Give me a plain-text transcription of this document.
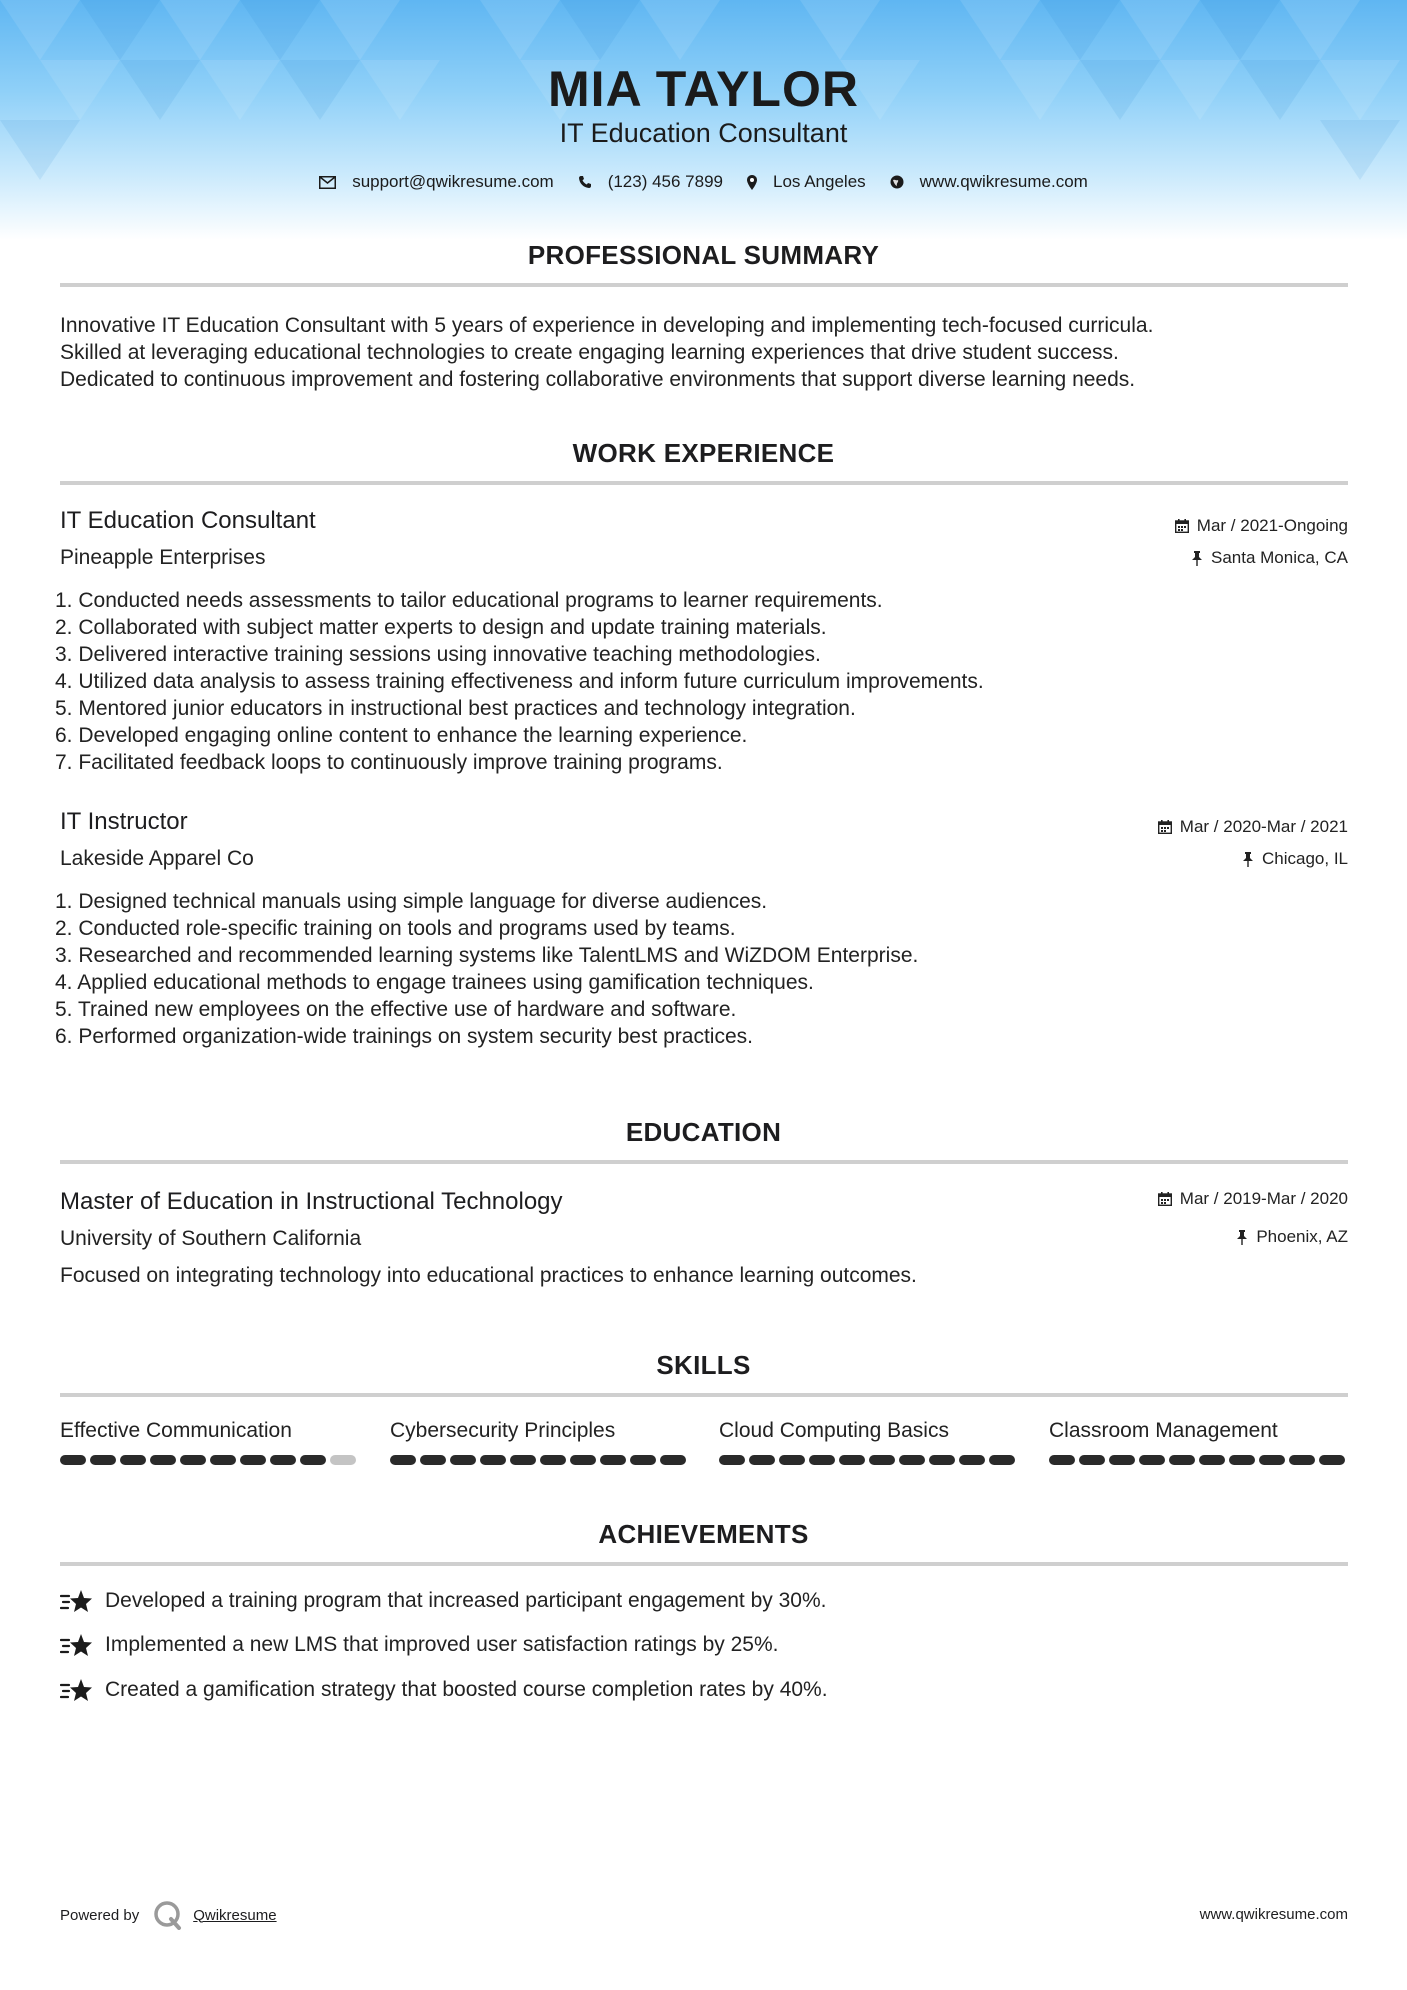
MIA TAYLOR
IT Education Consultant
support@qwikresume.com	(123) 456 7899	Los Angeles	www.qwikresume.com
PROFESSIONAL SUMMARY
Innovative IT Education Consultant with 5 years of experience in developing and implementing tech-focused curricula.
Skilled at leveraging educational technologies to create engaging learning experiences that drive student success.
Dedicated to continuous improvement and fostering collaborative environments that support diverse learning needs.
WORK EXPERIENCE
IT Education Consultant
Pineapple Enterprises
Mar / 2021-Ongoing
Santa Monica, CA
1. Conducted needs assessments to tailor educational programs to learner requirements.
2. Collaborated with subject matter experts to design and update training materials.
3. Delivered interactive training sessions using innovative teaching methodologies.
4. Utilized data analysis to assess training effectiveness and inform future curriculum improvements.
5. Mentored junior educators in instructional best practices and technology integration.
6. Developed engaging online content to enhance the learning experience.
7. Facilitated feedback loops to continuously improve training programs.
IT Instructor
Lakeside Apparel Co
Mar / 2020-Mar / 2021
Chicago, IL
1. Designed technical manuals using simple language for diverse audiences.
2. Conducted role-specific training on tools and programs used by teams.
3. Researched and recommended learning systems like TalentLMS and WiZDOM Enterprise.
4. Applied educational methods to engage trainees using gamification techniques.
5. Trained new employees on the effective use of hardware and software.
6. Performed organization-wide trainings on system security best practices.
EDUCATION
Master of Education in Instructional Technology
University of Southern California
Mar / 2019-Mar / 2020
Phoenix, AZ
Focused on integrating technology into educational practices to enhance learning outcomes.
SKILLS
Effective Communication	Cybersecurity Principles	Cloud Computing Basics	Classroom Management
ACHIEVEMENTS
Developed a training program that increased participant engagement by 30%.
Implemented a new LMS that improved user satisfaction ratings by 25%.
Created a gamification strategy that boosted course completion rates by 40%.
Powered by	Qwikresume	www.qwikresume.com
